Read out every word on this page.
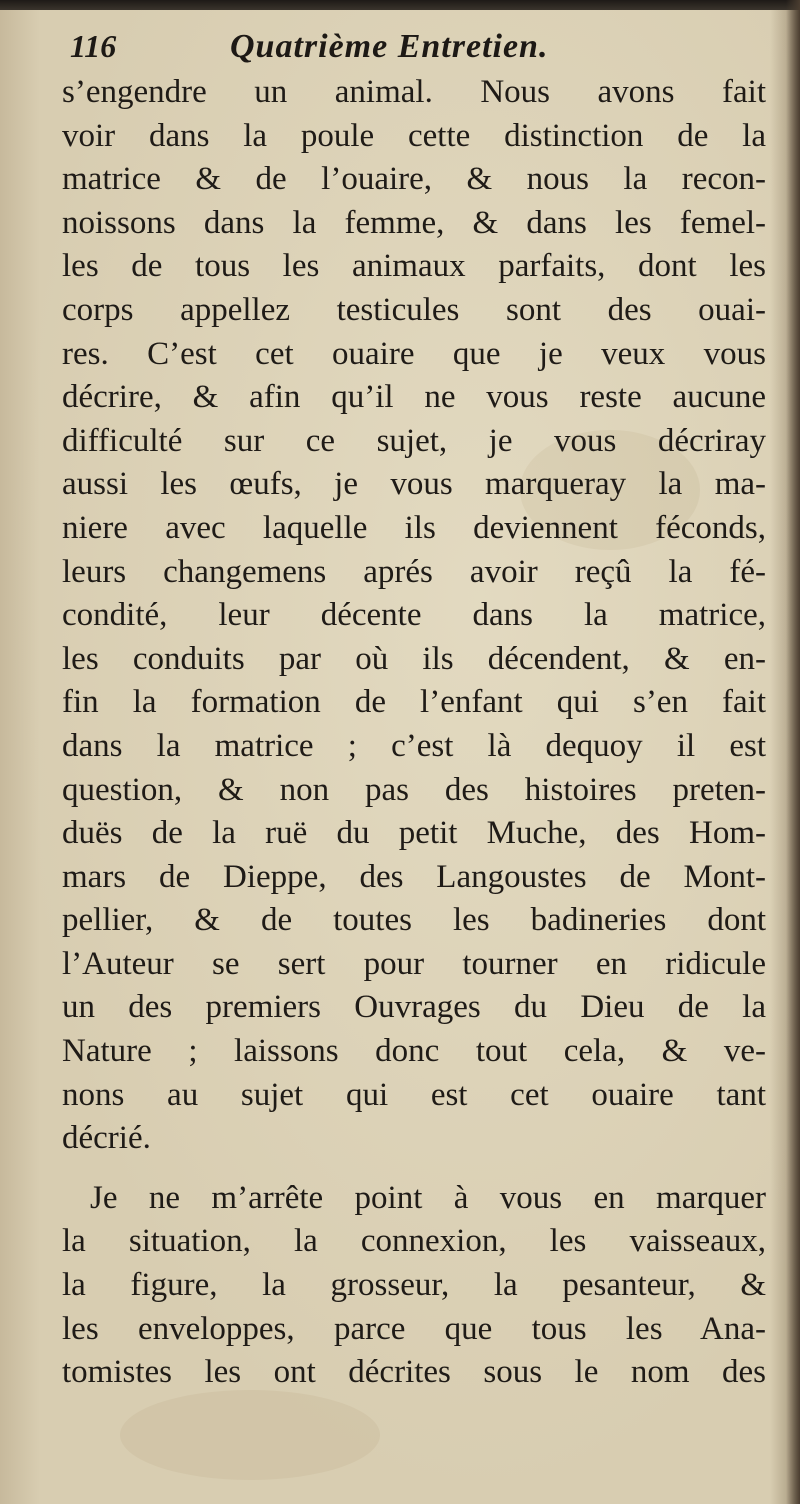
116	Quatrième Entretien.
s’engendre un animal. Nous avons fait
voir dans la poule cette distinction de la
matrice & de l’ouaire, & nous la recon-
noissons dans la femme, & dans les femel-
les de tous les animaux parfaits, dont les
corps appellez testicules sont des ouai-
res. C’est cet ouaire que je veux vous
décrire, & afin qu’il ne vous reste aucune
difficulté sur ce sujet, je vous décriray
aussi les œufs, je vous marqueray la ma-
niere avec laquelle ils deviennent féconds,
leurs changemens aprés avoir reçû la fé-
condité, leur décente dans la matrice,
les conduits par où ils décendent, & en-
fin la formation de l’enfant qui s’en fait
dans la matrice ; c’est là dequoy il est
question, & non pas des histoires preten-
duës de la ruë du petit Muche, des Hom-
mars de Dieppe, des Langoustes de Mont-
pellier, & de toutes les badineries dont
l’Auteur se sert pour tourner en ridicule
un des premiers Ouvrages du Dieu de la
Nature ; laissons donc tout cela, & ve-
nons au sujet qui est cet ouaire tant
décrié.
Je ne m’arrête point à vous en marquer
la situation, la connexion, les vaisseaux,
la figure, la grosseur, la pesanteur, &
les enveloppes, parce que tous les Ana-
tomistes les ont décrites sous le nom des
